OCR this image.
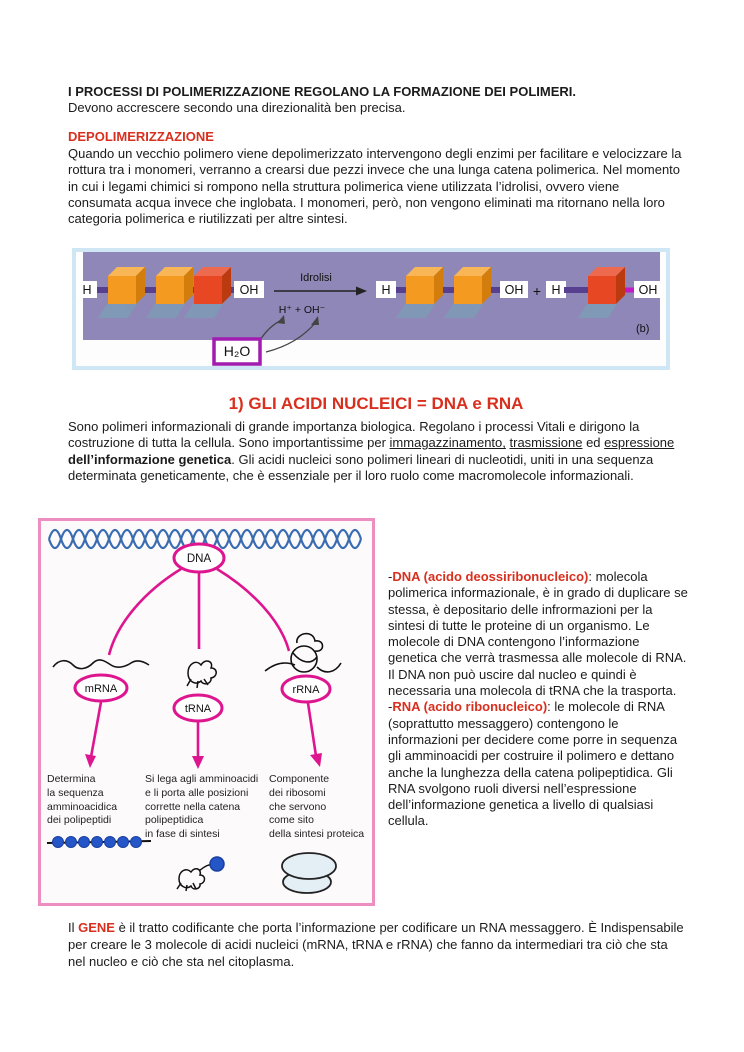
I PROCESSI DI POLIMERIZZAZIONE REGOLANO LA FORMAZIONE DEI POLIMERI.

Devono accrescere secondo una direzionalità ben precisa.

DEPOLIMERIZZAZIONE

Quando un vecchio polimero viene depolimerizzato intervengono degli enzimi per facilitare e velocizzare la rottura tra i monomeri, verranno a crearsi due pezzi invece che una lunga catena polimerica. Nel momento in cui i legami chimici si rompono nella struttura polimerica viene utilizzata l’idrolisi, ovvero viene consumata acqua invece che inglobata. I monomeri, però, non vengono eliminati ma ritornano nella loro categoria polimerica e riutilizzati per altre sintesi.

H	OH
Idrolisi
H⁺ + OH⁻
H₂O
H	OH + H	OH
(b)

1) GLI ACIDI NUCLEICI = DNA e RNA

Sono polimeri informazionali di grande importanza biologica. Regolano i processi Vitali e dirigono la costruzione di tutta la cellula. Sono importantissime per immagazzinamento, trasmissione ed espressione dell’informazione genetica. Gli acidi nucleici sono polimeri lineari di nucleotidi, uniti in una sequenza determinata geneticamente, che è essenziale per il loro ruolo come macromolecole informazionali.

DNA
mRNA
tRNA
rRNA
Determina
la sequenza
amminoacidica
dei polipeptidi
Si lega agli amminoacidi
e li porta alle posizioni
corrette nella catena
polipeptidica
in fase di sintesi
Componente
dei ribosomi
che servono
come sito
della sintesi proteica

-DNA (acido deossiribonucleico): molecola polimerica informazionale, è in grado di duplicare se stessa, è depositario delle infrormazioni per la sintesi di tutte le proteine di un organismo. Le molecole di DNA contengono l’informazione genetica che verrà trasmessa alle molecole di RNA. Il DNA non può uscire dal nucleo e quindi è necessaria una molecola di tRNA che la trasporta.

-RNA (acido ribonucleico): le molecole di RNA (soprattutto messaggero) contengono le informazioni per decidere come porre in sequenza gli amminoacidi per costruire il polimero e dettano anche la lunghezza della catena polipeptidica. Gli RNA svolgono ruoli diversi nell’espressione dell’informazione genetica a livello di qualsiasi cellula.

Il GENE è il tratto codificante che porta l’informazione per codificare un RNA messaggero. È Indispensabile per creare le 3 molecole di acidi nucleici (mRNA, tRNA e rRNA) che fanno da intermediari tra ciò che sta nel nucleo e ciò che sta nel citoplasma.
